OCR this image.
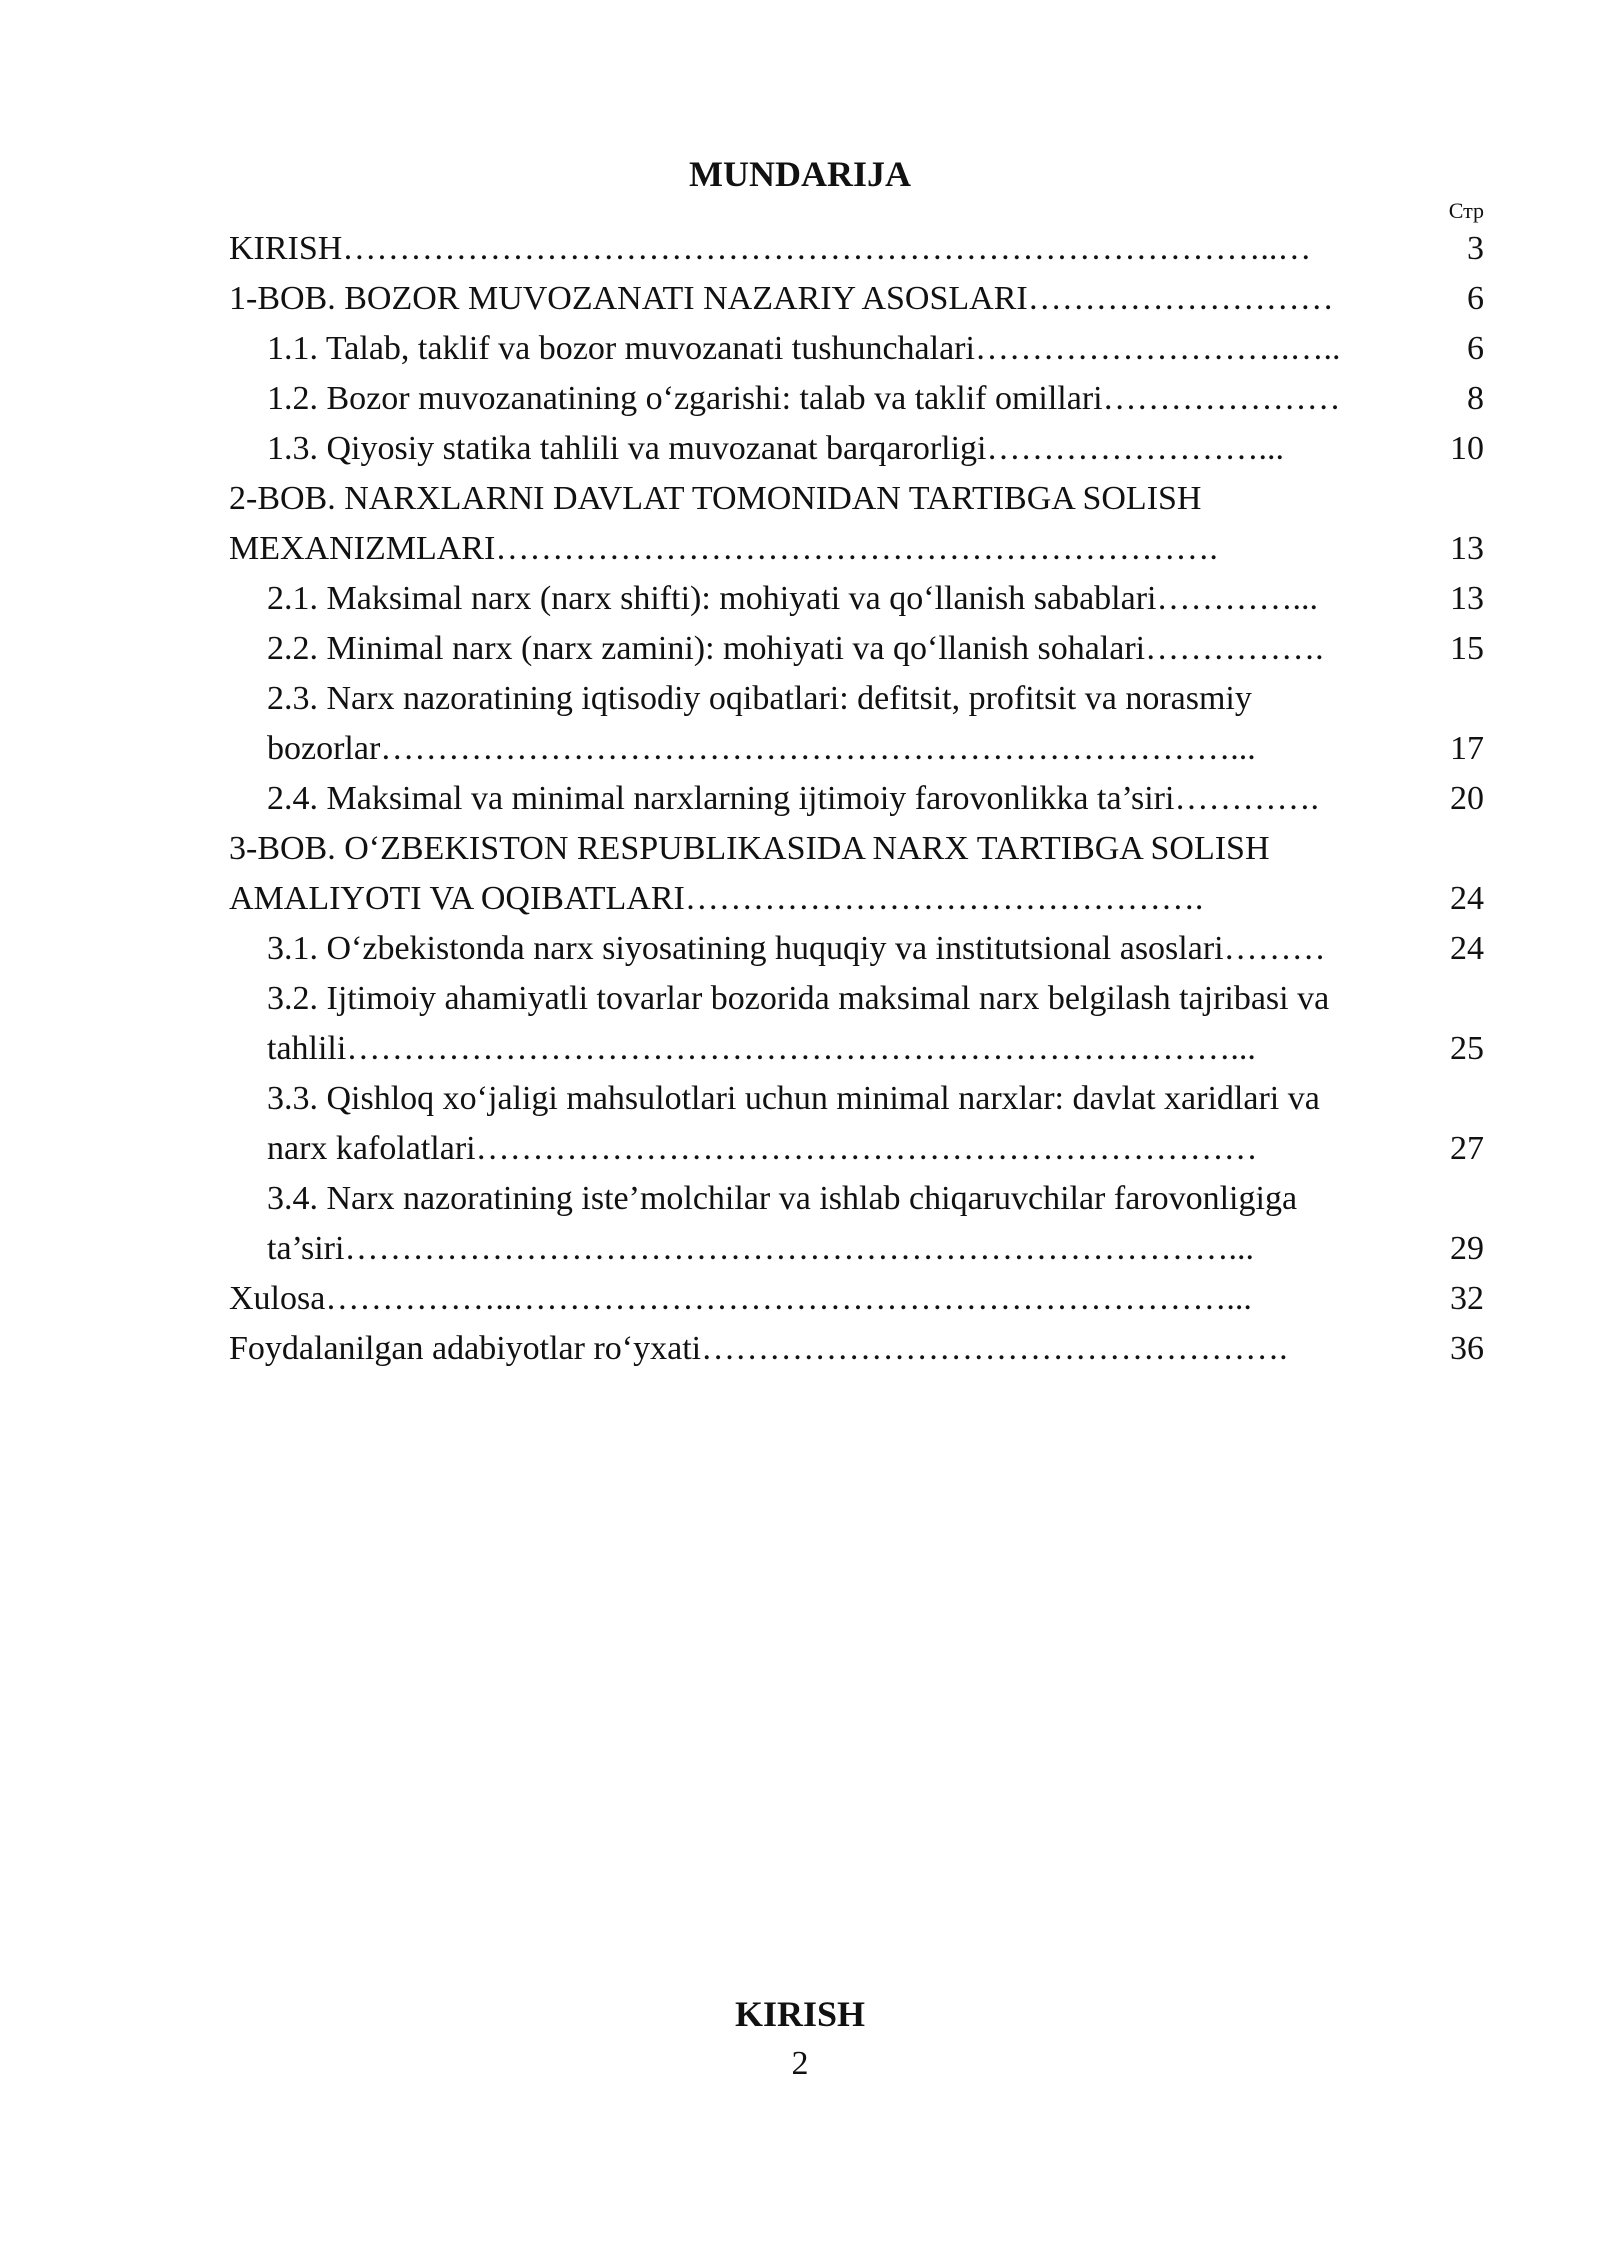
MUNDARIJA
Стр
KIRISH ………………………………………………………………………..…	3
1-BOB. BOZOR MUVOZANATI NAZARIY ASOSLARI ………………………	6
1.1. Talab, taklif va bozor muvozanati tushunchalari ……………………….…..	6
1.2. Bozor muvozanatining o‘zgarishi: talab va taklif omillari …………………	8
1.3. Qiyosiy statika tahlili va muvozanat barqarorligi ……………………...	10
2-BOB. NARXLARNI DAVLAT TOMONIDAN TARTIBGA SOLISH
MEXANIZMLARI ……………………………………………………….	13
2.1. Maksimal narx (narx shifti): mohiyati va qo‘llanish sabablari …………...	13
2.2. Minimal narx (narx zamini): mohiyati va qo‘llanish sohalari …………….	15
2.3. Narx nazoratining iqtisodiy oqibatlari: defitsit, profitsit va norasmiy
bozorlar …………………………………………………………………...	17
2.4. Maksimal va minimal narxlarning ijtimoiy farovonlikka ta’siri ………….	20
3-BOB. O‘ZBEKISTON RESPUBLIKASIDA NARX TARTIBGA SOLISH
AMALIYOTI VA OQIBATLARI ……………………………………….	24
3.1. O‘zbekistonda narx siyosatining huquqiy va institutsional asoslari ………	24
3.2. Ijtimoiy ahamiyatli tovarlar bozorida maksimal narx belgilash tajribasi va
tahlili ……………………………………………………………………...	25
3.3. Qishloq xo‘jaligi mahsulotlari uchun minimal narxlar: davlat xaridlari va
narx kafolatlari ……………………………………………………………	27
3.4. Narx nazoratining iste’molchilar va ishlab chiqaruvchilar farovonligiga
ta’siri ……………………………………………………………………...	29
Xulosa ……………..………………………………………………………...	32
Foydalanilgan adabiyotlar ro‘yxati …………………………………………….	36
KIRISH
2
